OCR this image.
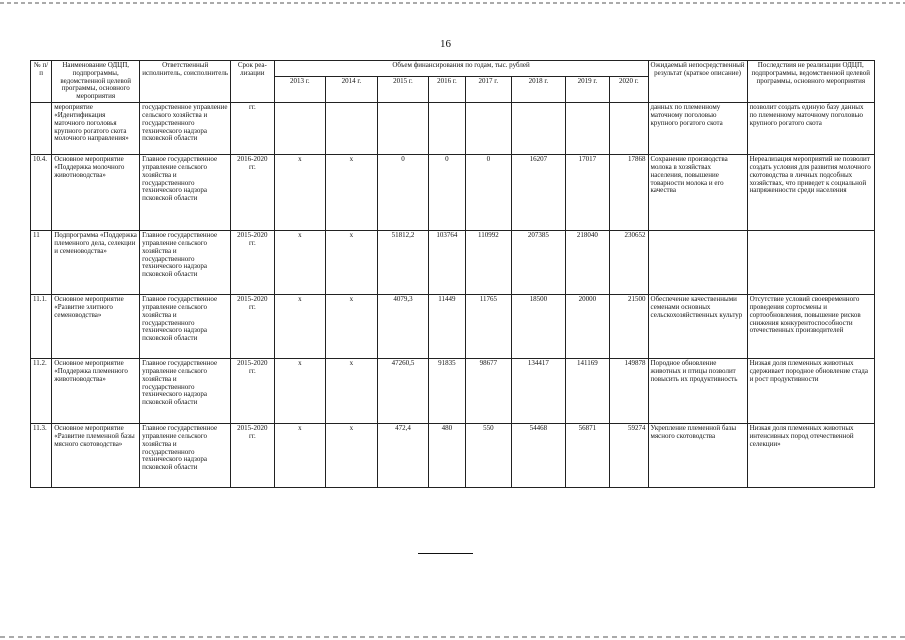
16
№ п/п	Наименование ОДЦП, подпрограммы, ведомственной целевой программы, основного мероприятия	Ответственный исполнитель, соисполнитель	Срок реа-лизации	Объем финансирования по годам, тыс. рублей								Ожидаемый непосредственный результат (краткое описание)	Последствия не реализации ОДЦП, подпрограммы, ведомственной целевой программы, основного мероприятия
				2013 г.	2014 г.	2015 г.	2016 г.	2017 г.	2018 г.	2019 г.	2020 г.		
	мероприятие «Идентификация маточного поголовья крупного рогатого скота молочного направления»	государственное управление сельского хозяйства и государственного технического надзора псковской области	гг.									данных по племенному маточному поголовью крупного рогатого скота	позволит создать единую базу данных по племенному маточному поголовью крупного рогатого скота
10.4.	Основное мероприятие «Поддержка молочного животноводства»	Главное государственное управление сельского хозяйства и государственного технического надзора псковской области	2016-2020 гг.	x	x	0	0	0	16207	17017	17868	Сохранение производства молока в хозяйствах населения, повышение товарности молока и его качества	Нереализация мероприятий не позволит создать условия для развития молочного скотоводства в личных подсобных хозяйствах, что приведет к социальной напряженности среди населения
11	Подпрограмма «Поддержка племенного дела, селекции и семеноводства»	Главное государственное управление сельского хозяйства и государственного технического надзора псковской области	2015-2020 гг.	x	x	51812,2	103764	110992	207385	218040	230652		
11.1.	Основное мероприятие «Развитие элитного семеноводства»	Главное государственное управление сельского хозяйства и государственного технического надзора псковской области	2015-2020 гг.	x	x	4079,3	11449	11765	18500	20000	21500	Обеспечение качественными семенами основных сельскохозяйственных культур	Отсутствие условий своевременного проведения сортосмены и сортообновления, повышение рисков снижения конкурентоспособности отечественных производителей
11.2.	Основное мероприятие «Поддержка племенного животноводства»	Главное государственное управление сельского хозяйства и государственного технического надзора псковской области	2015-2020 гг.	x	x	47260,5	91835	98677	134417	141169	149878	Породное обновление животных и птицы позволит повысить их продуктивность	Низкая доля племенных животных сдерживает породное обновление стада и рост продуктивности
11.3.	Основное мероприятие «Развитие племенной базы мясного скотоводства»	Главное государственное управление сельского хозяйства и государственного технического надзора псковской области	2015-2020 гг.	x	x	472,4	480	550	54468	56871	59274	Укрепление племенной базы мясного скотоводства	Низкая доля племенных животных интенсивных пород отечественной селекции»
